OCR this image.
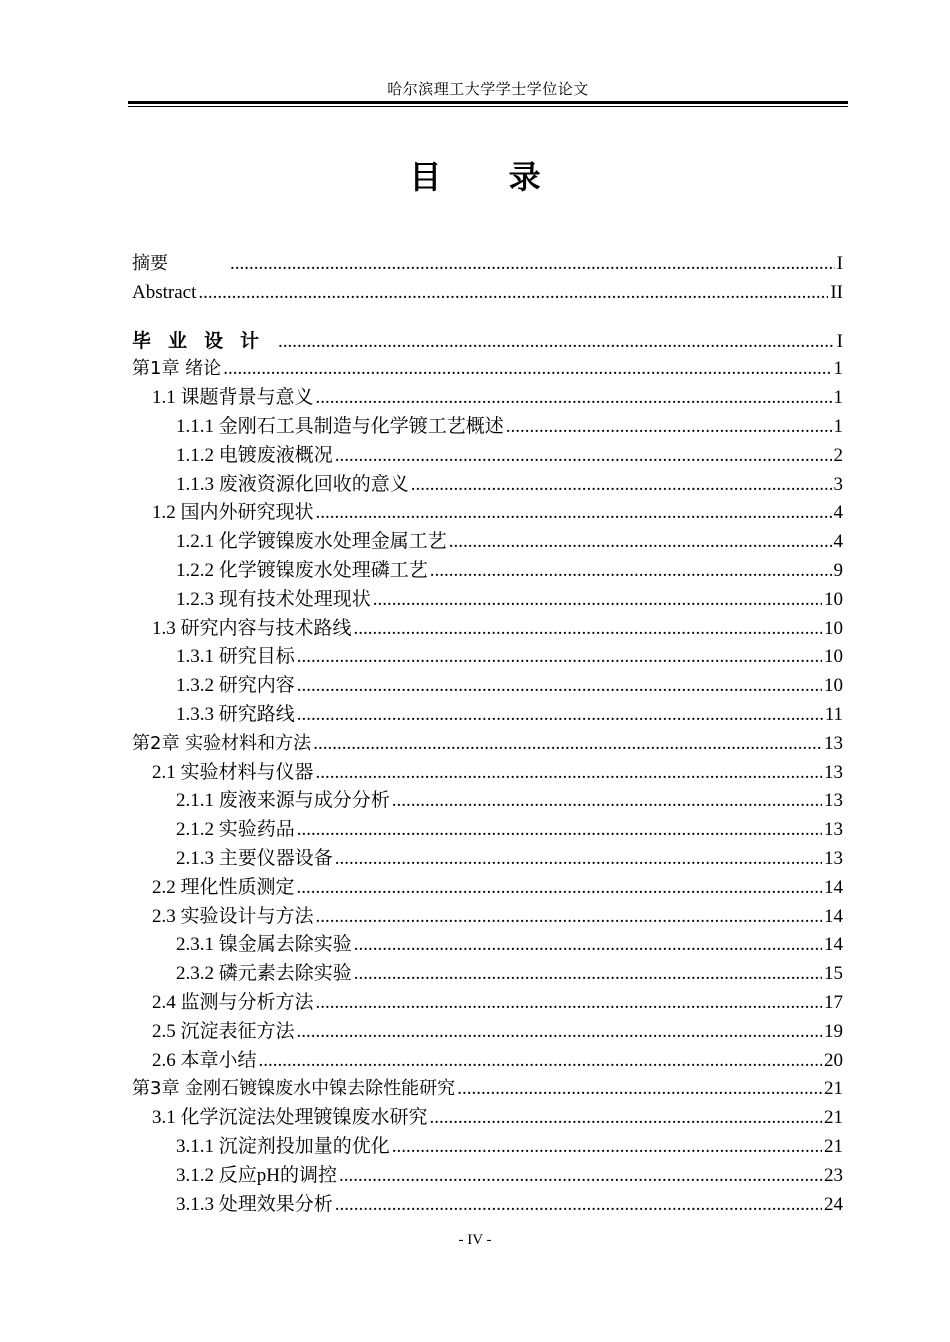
哈尔滨理工大学学士学位论文
目 录
摘要 .....	I
Abstract .....	II
毕业设计 .....	I
第1章 绪论 .....	1
1.1 课题背景与意义 .....	1
1.1.1 金刚石工具制造与化学镀工艺概述 .....	1
1.1.2 电镀废液概况 .....	2
1.1.3 废液资源化回收的意义 .....	3
1.2 国内外研究现状 .....	4
1.2.1 化学镀镍废水处理金属工艺 .....	4
1.2.2 化学镀镍废水处理磷工艺 .....	9
1.2.3 现有技术处理现状 .....	10
1.3 研究内容与技术路线 .....	10
1.3.1 研究目标 .....	10
1.3.2 研究内容 .....	10
1.3.3 研究路线 .....	11
第2章 实验材料和方法 .....	13
2.1 实验材料与仪器 .....	13
2.1.1 废液来源与成分分析 .....	13
2.1.2 实验药品 .....	13
2.1.3 主要仪器设备 .....	13
2.2 理化性质测定 .....	14
2.3 实验设计与方法 .....	14
2.3.1 镍金属去除实验 .....	14
2.3.2 磷元素去除实验 .....	15
2.4 监测与分析方法 .....	17
2.5 沉淀表征方法 .....	19
2.6 本章小结 .....	20
第3章 金刚石镀镍废水中镍去除性能研究 .....	21
3.1 化学沉淀法处理镀镍废水研究 .....	21
3.1.1 沉淀剂投加量的优化 .....	21
3.1.2 反应pH的调控 .....	23
3.1.3 处理效果分析 .....	24
- IV -
